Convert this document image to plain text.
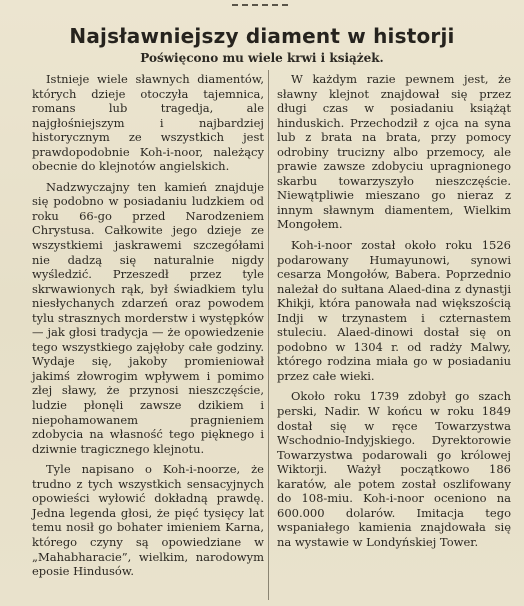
Najsławniejszy diament w historji
Poświęcono mu wiele krwi i książek.

Istnieje wiele sławnych diamentów, których dzieje otoczyła tajemnica, romans lub tragedja, ale najgłośniejszym i najbardziej historycznym ze wszystkich jest prawdopodobnie Koh-i-noor, należący obecnie do klejnotów angielskich.

Nadzwyczajny ten kamień znajduje się podobno w posiadaniu ludzkiem od roku 66-go przed Narodzeniem Chrystusa. Całkowite jego dzieje ze wszystkiemi jaskrawemi szczegółami nie dadzą się naturalnie nigdy wyśledzić. Przeszedł przez tyle skrwawionych rąk, był świadkiem tylu niesłychanych zdarzeń oraz powodem tylu strasznych morderstw i występków — jak głosi tradycja — że opowiedzenie tego wszystkiego zajęłoby całe godziny. Wydaje się, jakoby promieniował jakimś złowrogim wpływem i pomimo złej sławy, że przynosi nieszczęście, ludzie płonęli zawsze dzikiem i niepohamowanem pragnieniem zdobycia na własność tego pięknego i dziwnie tragicznego klejnotu.

Tyle napisano o Koh-i-noorze, że trudno z tych wszystkich sensacyjnych opowieści wyłowić dokładną prawdę. Jedna legenda głosi, że pięć tysięcy lat temu nosił go bohater imieniem Karna, którego czyny są opowiedziane w „Mahabharacie”, wielkim, narodowym eposie Hindusów.

W każdym razie pewnem jest, że sławny klejnot znajdował się przez długi czas w posiadaniu książąt hinduskich. Przechodził z ojca na syna lub z brata na brata, przy pomocy odrobiny trucizny albo przemocy, ale prawie zawsze zdobyciu upragnionego skarbu towarzyszyło nieszczęście. Niewątpliwie mieszano go nieraz z innym sławnym diamentem, Wielkim Mongołem.

Koh-i-noor został około roku 1526 podarowany Humayunowi, synowi cesarza Mongołów, Babera. Poprzednio należał do sułtana Alaed-dina z dynastji Khikji, która panowała nad większością Indji w trzynastem i czternastem stuleciu. Alaed-dinowi dostał się on podobno w 1304 r. od radży Malwy, którego rodzina miała go w posiadaniu przez całe wieki.

Około roku 1739 zdobył go szach perski, Nadir. W końcu w roku 1849 dostał się w ręce Towarzystwa Wschodnio-Indyjskiego. Dyrektorowie Towarzystwa podarowali go królowej Wiktorji. Ważył początkowo 186 karatów, ale potem został oszlifowany do 108-miu. Koh-i-noor oceniono na 600.000 dolarów. Imitacja tego wspaniałego kamienia znajdowała się na wystawie w Londyńskiej Tower.
